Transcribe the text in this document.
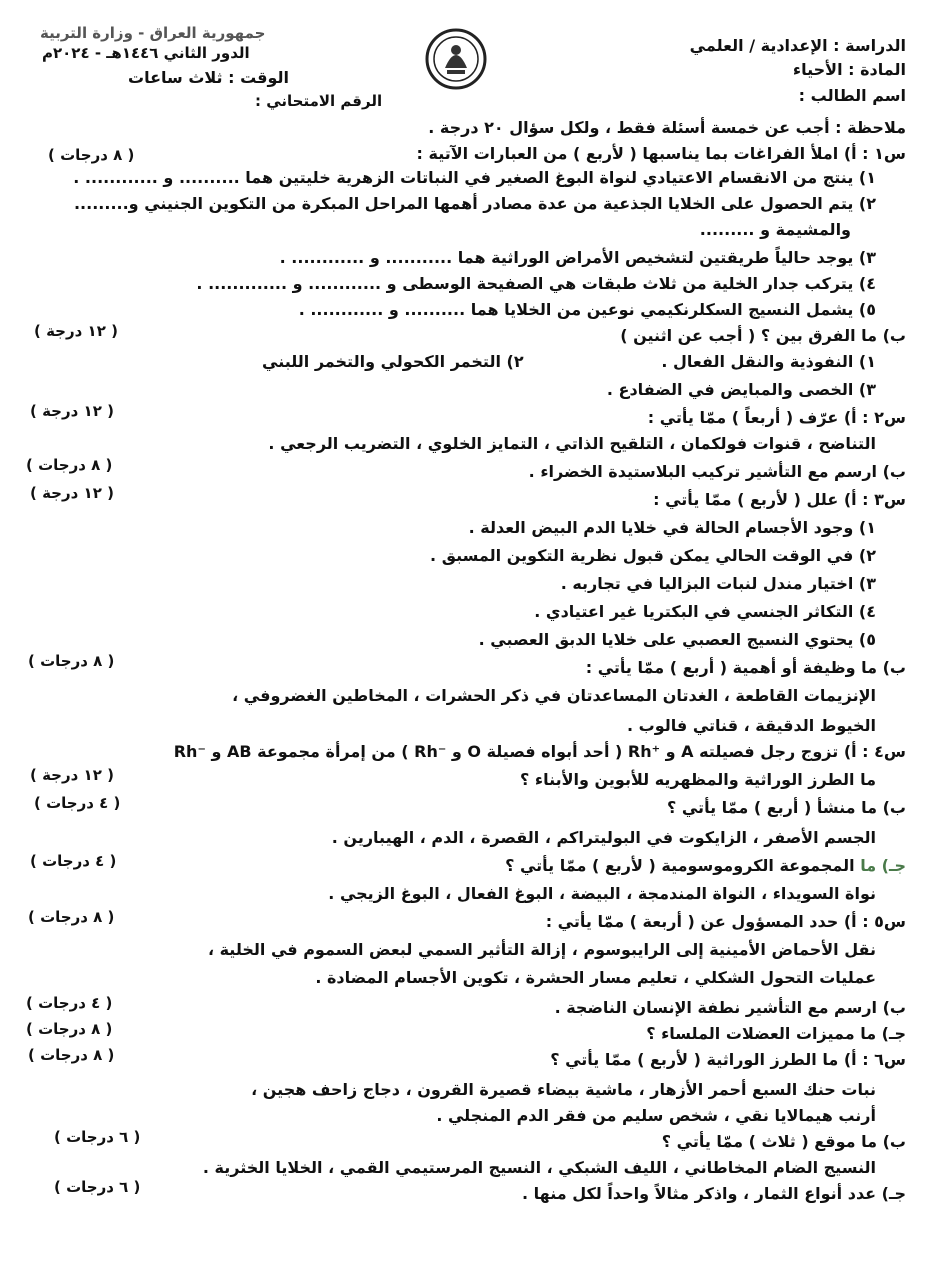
الدراسة : الإعدادية / العلمي
المادة : الأحياء
اسم الطالب :
جمهورية العراق - وزارة التربية
الدور الثاني ١٤٤٦هـ - ٢٠٢٤م
الوقت : ثلاث ساعات
الرقم الامتحاني :
ملاحظة : أجب عن خمسة أسئلة فقط ، ولكل سؤال ٢٠ درجة .
س١ : أ) املأ الفراغات بما يناسبها ( لأربع ) من العبارات الآتية :
( ٨ درجات )
١) ينتج من الانقسام الاعتيادي لنواة البوغ الصغير في النباتات الزهرية خليتين هما .......... و ............ .
٢) يتم الحصول على الخلايا الجذعية من عدة مصادر أهمها المراحل المبكرة من التكوين الجنيني و.........
والمشيمة و .........
٣) يوجد حالياً طريقتين لتشخيص الأمراض الوراثية هما ........... و ............ .
٤) يتركب جدار الخلية من ثلاث طبقات هي الصفيحة الوسطى و ............ و ............. .
٥) يشمل النسيج السكلرنكيمي نوعين من الخلايا هما .......... و ............ .
ب) ما الفرق بين ؟ ( أجب عن اثنين )
( ١٢ درجة )
١) النفوذية والنقل الفعال .
٢) التخمر الكحولي والتخمر اللبني
٣) الخصى والمبايض في الضفادع .
س٢ : أ) عرّف ( أربعاً ) ممّا يأتي :
( ١٢ درجة )
التناضح ، قنوات فولكمان ، التلقيح الذاتي ، التمايز الخلوي ، التضريب الرجعي .
ب) ارسم مع التأشير تركيب البلاستيدة الخضراء .
( ٨ درجات )
س٣ : أ) علل ( لأربع ) ممّا يأتي :
( ١٢ درجة )
١) وجود الأجسام الحالة في خلايا الدم البيض العدلة .
٢) في الوقت الحالي يمكن قبول نظرية التكوين المسبق .
٣) اختيار مندل لنبات البزاليا في تجاربه .
٤) التكاثر الجنسي في البكتريا غير اعتيادي .
٥) يحتوي النسيج العصبي على خلايا الدبق العصبي .
ب) ما وظيفة أو أهمية ( أربع ) ممّا يأتي :
( ٨ درجات )
الإنزيمات القاطعة ، الغدتان المساعدتان في ذكر الحشرات ، المخاطين الغضروفي ،
الخيوط الدقيقة ، قناتي فالوب .
س٤ : أ) تزوج رجل فصيلته A و ⁺Rh ( أحد أبواه فصيلة O و ⁻Rh ) من إمرأة مجموعة AB و ⁻Rh
ما الطرز الوراثية والمظهريه للأبوين والأبناء ؟
( ١٢ درجة )
ب) ما منشأ ( أربع ) ممّا يأتي ؟
( ٤ درجات )
الجسم الأصفر ، الزايكوت في البوليتراكم ، القصرة ، الدم ، الهيبارين .
جـ) ما المجموعة الكروموسومية ( لأربع ) ممّا يأتي ؟
( ٤ درجات )
نواة السويداء ، النواة المندمجة ، البيضة ، البوغ الفعال ، البوغ الزيجي .
س٥ : أ) حدد المسؤول عن ( أربعة ) ممّا يأتي :
( ٨ درجات )
نقل الأحماض الأمينية إلى الرايبوسوم ، إزالة التأثير السمي لبعض السموم في الخلية ،
عمليات التحول الشكلي ، تعليم مسار الحشرة ، تكوين الأجسام المضادة .
ب) ارسم مع التأشير نطفة الإنسان الناضجة .
( ٤ درجات )
جـ) ما مميزات العضلات الملساء ؟
( ٨ درجات )
س٦ : أ) ما الطرز الوراثية ( لأربع ) ممّا يأتي ؟
( ٨ درجات )
نبات حنك السبع أحمر الأزهار ، ماشية بيضاء قصيرة القرون ، دجاج زاحف هجين ،
أرنب هيمالايا نقي ، شخص سليم من فقر الدم المنجلي .
ب) ما موقع ( ثلاث ) ممّا يأتي ؟
( ٦ درجات )
النسيج الضام المخاطاني ، الليف الشبكي ، النسيج المرستيمي القمي ، الخلايا الخثرية .
جـ) عدد أنواع الثمار ، واذكر مثالاً واحداً لكل منها .
( ٦ درجات )
